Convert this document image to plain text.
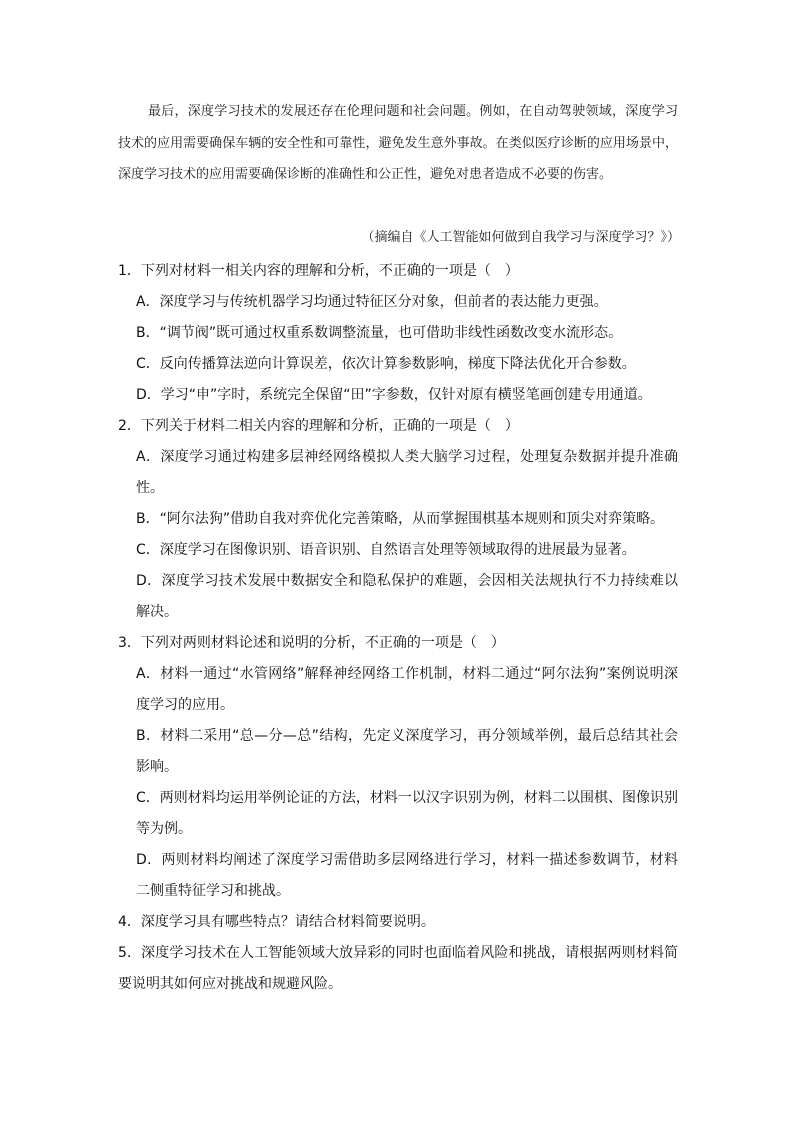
最后，深度学习技术的发展还存在伦理问题和社会问题。例如，在自动驾驶领域，深度学习技术的应用需要确保车辆的安全性和可靠性，避免发生意外事故。在类似医疗诊断的应用场景中，深度学习技术的应用需要确保诊断的准确性和公正性，避免对患者造成不必要的伤害。

（摘编自《人工智能如何做到自我学习与深度学习？》）

1．下列对材料一相关内容的理解和分析，不正确的一项是（　）

A．深度学习与传统机器学习均通过特征区分对象，但前者的表达能力更强。

B．“调节阀”既可通过权重系数调整流量，也可借助非线性函数改变水流形态。

C．反向传播算法逆向计算误差，依次计算参数影响，梯度下降法优化开合参数。

D．学习“申”字时，系统完全保留“田”字参数，仅针对原有横竖笔画创建专用通道。

2．下列关于材料二相关内容的理解和分析，正确的一项是（　）

A．深度学习通过构建多层神经网络模拟人类大脑学习过程，处理复杂数据并提升准确性。

B．“阿尔法狗”借助自我对弈优化完善策略，从而掌握围棋基本规则和顶尖对弈策略。

C．深度学习在图像识别、语音识别、自然语言处理等领域取得的进展最为显著。

D．深度学习技术发展中数据安全和隐私保护的难题，会因相关法规执行不力持续难以解决。

3．下列对两则材料论述和说明的分析，不正确的一项是（　）

A．材料一通过“水管网络”解释神经网络工作机制，材料二通过“阿尔法狗”案例说明深度学习的应用。

B．材料二采用“总—分—总”结构，先定义深度学习，再分领域举例，最后总结其社会影响。

C．两则材料均运用举例论证的方法，材料一以汉字识别为例，材料二以围棋、图像识别等为例。

D．两则材料均阐述了深度学习需借助多层网络进行学习，材料一描述参数调节，材料二侧重特征学习和挑战。

4．深度学习具有哪些特点？请结合材料简要说明。

5．深度学习技术在人工智能领域大放异彩的同时也面临着风险和挑战，请根据两则材料简要说明其如何应对挑战和规避风险。
